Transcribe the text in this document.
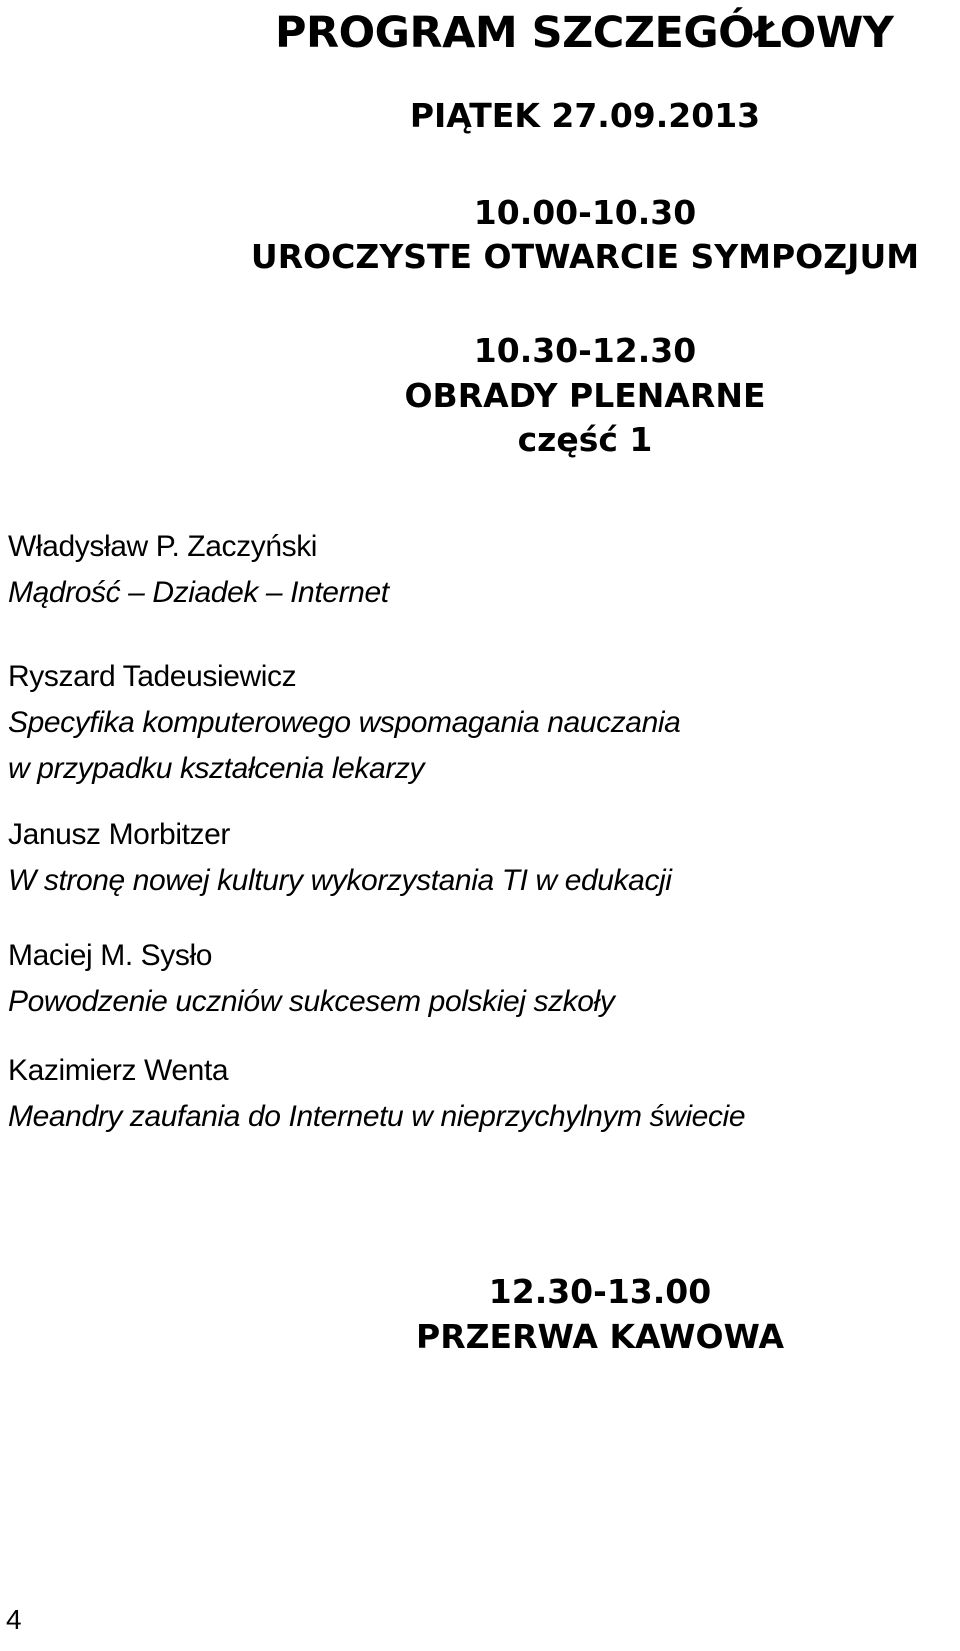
PROGRAM SZCZEGÓŁOWY
PIĄTEK 27.09.2013
10.00-10.30
UROCZYSTE OTWARCIE SYMPOZJUM
10.30-12.30
OBRADY PLENARNE
część 1
Władysław P. Zaczyński
Mądrość – Dziadek – Internet
Ryszard Tadeusiewicz
Specyfika komputerowego wspomagania nauczania
w przypadku kształcenia lekarzy
Janusz Morbitzer
W stronę nowej kultury wykorzystania TI w edukacji
Maciej M. Sysło
Powodzenie uczniów sukcesem polskiej szkoły
Kazimierz Wenta
Meandry zaufania do Internetu w nieprzychylnym świecie
12.30-13.00
PRZERWA KAWOWA
4
